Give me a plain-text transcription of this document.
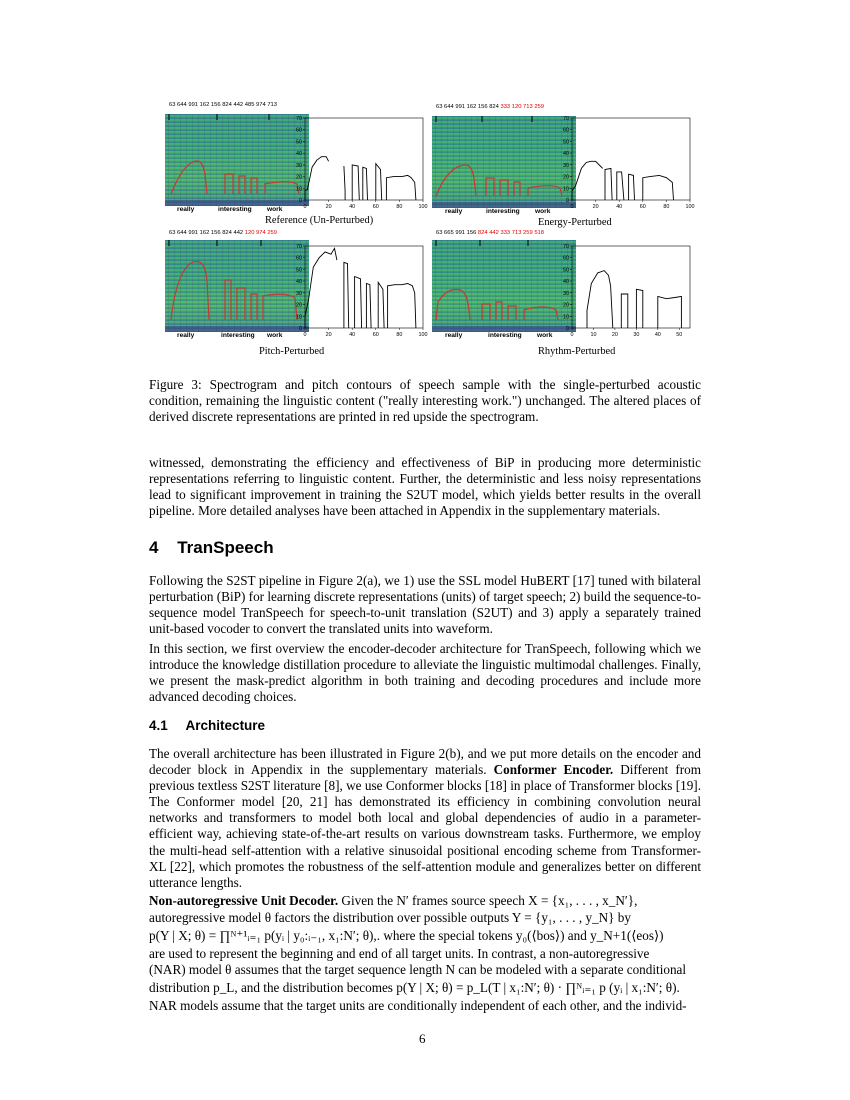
63 644 991 162 156 824 442 485 974 713
really	interesting work
0
10
20
30
40
50
60
70
0	20	40	60	80	100
Reference (Un-Perturbed)
63 644 991 162 156 824 333 120 713 259
really	interesting work
0
10
20
30
40
50
60
70
0	20	40	60	80	100
Energy-Perturbed
63 644 991 162 156 824 442 120 974 259
really	interesting work
0
10
20
30
40
50
60
70
0	20	40	60	80	100
Pitch-Perturbed
63 665 991 156 824 442 333 713 259 518
really	interesting work
0
10
20
30
40
50
60
70
0	10	20	30	40	50
Rhythm-Perturbed

Figure 3: Spectrogram and pitch contours of speech sample with the single-perturbed acoustic condition, remaining the linguistic content ("really interesting work.") unchanged. The altered places of derived discrete representations are printed in red upside the spectrogram.

witnessed, demonstrating the efficiency and effectiveness of BiP in producing more deterministic representations referring to linguistic content. Further, the deterministic and less noisy representations lead to significant improvement in training the S2UT model, which yields better results in the overall pipeline. More detailed analyses have been attached in Appendix in the supplementary materials.

4 TranSpeech

Following the S2ST pipeline in Figure 2(a), we 1) use the SSL model HuBERT [17] tuned with bilateral perturbation (BiP) for learning discrete representations (units) of target speech; 2) build the sequence-to-sequence model TranSpeech for speech-to-unit translation (S2UT) and 3) apply a separately trained unit-based vocoder to convert the translated units into waveform.

In this section, we first overview the encoder-decoder architecture for TranSpeech, following which we introduce the knowledge distillation procedure to alleviate the linguistic multimodal challenges. Finally, we present the mask-predict algorithm in both training and decoding procedures and include more advanced decoding choices.

4.1 Architecture

The overall architecture has been illustrated in Figure 2(b), and we put more details on the encoder and decoder block in Appendix in the supplementary materials. Conformer Encoder. Different from previous textless S2ST literature [8], we use Conformer blocks [18] in place of Transformer blocks [19]. The Conformer model [20, 21] has demonstrated its efficiency in combining convolution neural networks and transformers to model both local and global dependencies of audio in a parameter-efficient way, achieving state-of-the-art results on various downstream tasks. Furthermore, we employ the multi-head self-attention with a relative sinusoidal positional encoding scheme from Transformer-XL [22], which promotes the robustness of the self-attention module and generalizes better on different utterance lengths.

Non-autoregressive Unit Decoder. Given the N′ frames source speech X = {x₁, . . . , x_N′},
autoregressive model θ factors the distribution over possible outputs Y = {y₁, . . . , y_N} by
p(Y | X; θ) = ∏ᴺ⁺¹ᵢ₌₁ p(yᵢ | y₀:ᵢ₋₁, x₁:N′; θ),. where the special tokens y₀(⟨bos⟩) and y_N+1(⟨eos⟩)
are used to represent the beginning and end of all target units. In contrast, a non-autoregressive
(NAR) model θ assumes that the target sequence length N can be modeled with a separate conditional
distribution p_L, and the distribution becomes p(Y | X; θ) = p_L(T | x₁:N′; θ) · ∏ᴺᵢ₌₁ p (yᵢ | x₁:N′; θ).
NAR models assume that the target units are conditionally independent of each other, and the individ-
6
